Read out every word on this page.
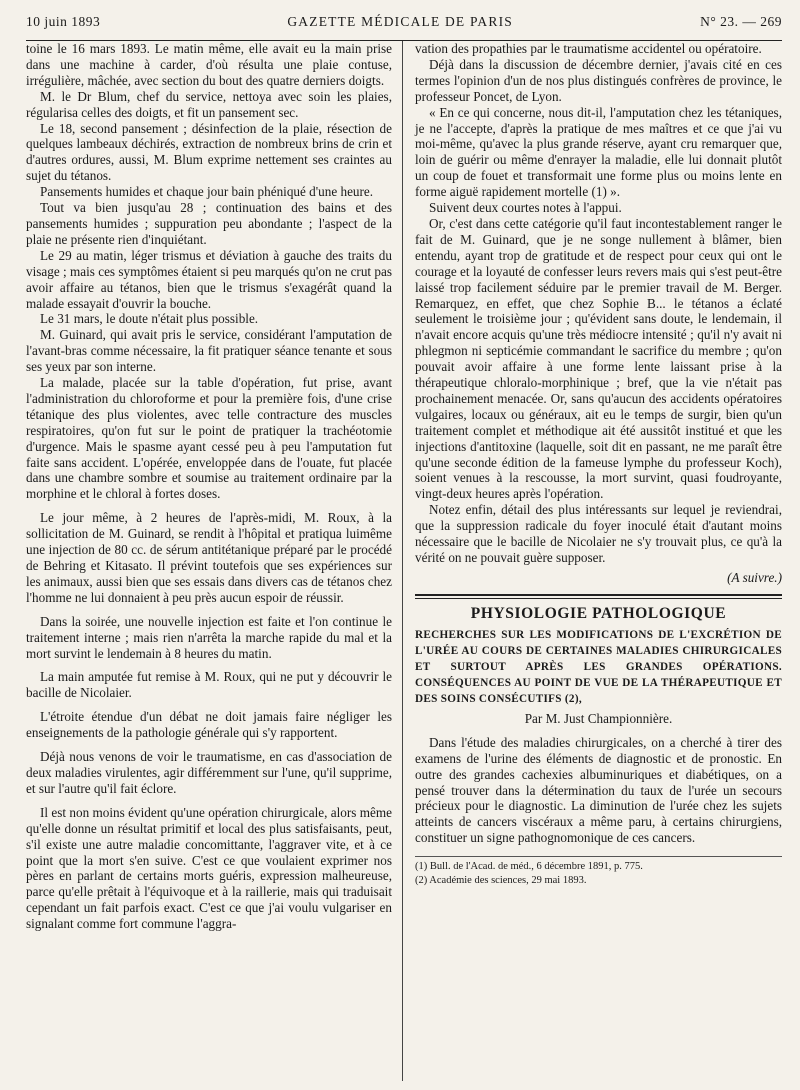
10 juin 1893	GAZETTE MÉDICALE DE PARIS	N° 23. — 269

toine le 16 mars 1893. Le matin même, elle avait eu la main prise dans une machine à carder, d'où résulta une plaie contuse, irrégulière, mâchée, avec section du bout des quatre derniers doigts.

M. le Dr Blum, chef du service, nettoya avec soin les plaies, régularisa celles des doigts, et fit un pansement sec.

Le 18, second pansement ; désinfection de la plaie, résection de quelques lambeaux déchirés, extraction de nombreux brins de crin et d'autres ordures, aussi, M. Blum exprime nettement ses craintes au sujet du tétanos.

Pansements humides et chaque jour bain phéniqué d'une heure.

Tout va bien jusqu'au 28 ; continuation des bains et des pansements humides ; suppuration peu abondante ; l'aspect de la plaie ne présente rien d'inquiétant.

Le 29 au matin, léger trismus et déviation à gauche des traits du visage ; mais ces symptômes étaient si peu marqués qu'on ne crut pas avoir affaire au tétanos, bien que le trismus s'exagérât quand la malade essayait d'ouvrir la bouche.

Le 31 mars, le doute n'était plus possible.

M. Guinard, qui avait pris le service, considérant l'amputation de l'avant-bras comme nécessaire, la fit pratiquer séance tenante et sous ses yeux par son interne.

La malade, placée sur la table d'opération, fut prise, avant l'administration du chloroforme et pour la première fois, d'une crise tétanique des plus violentes, avec telle contracture des muscles respiratoires, qu'on fut sur le point de pratiquer la trachéotomie d'urgence. Mais le spasme ayant cessé peu à peu l'amputation fut faite sans accident. L'opérée, enveloppée dans de l'ouate, fut placée dans une chambre sombre et soumise au traitement ordinaire par la morphine et le chloral à fortes doses.

Le jour même, à 2 heures de l'après-midi, M. Roux, à la sollicitation de M. Guinard, se rendit à l'hôpital et pratiqua luimême une injection de 80 cc. de sérum antitétanique préparé par le procédé de Behring et Kitasato. Il prévint toutefois que ses expériences sur les animaux, aussi bien que ses essais dans divers cas de tétanos chez l'homme ne lui donnaient à peu près aucun espoir de réussir.

Dans la soirée, une nouvelle injection est faite et l'on continue le traitement interne ; mais rien n'arrêta la marche rapide du mal et la mort survint le lendemain à 8 heures du matin.

La main amputée fut remise à M. Roux, qui ne put y découvrir le bacille de Nicolaier.

L'étroite étendue d'un débat ne doit jamais faire négliger les enseignements de la pathologie générale qui s'y rapportent.

Déjà nous venons de voir le traumatisme, en cas d'association de deux maladies virulentes, agir différemment sur l'une, qu'il supprime, et sur l'autre qu'il fait éclore.

Il est non moins évident qu'une opération chirurgicale, alors même qu'elle donne un résultat primitif et local des plus satisfaisants, peut, s'il existe une autre maladie concomittante, l'aggraver vite, et à ce point que la mort s'en suive. C'est ce que voulaient exprimer nos pères en parlant de certains morts guéris, expression malheureuse, parce qu'elle prêtait à l'équivoque et à la raillerie, mais qui traduisait cependant un fait parfois exact. C'est ce que j'ai voulu vulgariser en signalant comme fort commune l'aggra-

vation des propathies par le traumatisme accidentel ou opératoire.

Déjà dans la discussion de décembre dernier, j'avais cité en ces termes l'opinion d'un de nos plus distingués confrères de province, le professeur Poncet, de Lyon.

« En ce qui concerne, nous dit-il, l'amputation chez les tétaniques, je ne l'accepte, d'après la pratique de mes maîtres et ce que j'ai vu moi-même, qu'avec la plus grande réserve, ayant cru remarquer que, loin de guérir ou même d'enrayer la maladie, elle lui donnait plutôt un coup de fouet et transformait une forme plus ou moins lente en forme aiguë rapidement mortelle (1) ».

Suivent deux courtes notes à l'appui.

Or, c'est dans cette catégorie qu'il faut incontestablement ranger le fait de M. Guinard, que je ne songe nullement à blâmer, bien entendu, ayant trop de gratitude et de respect pour ceux qui ont le courage et la loyauté de confesser leurs revers mais qui s'est peut-être laissé trop facilement séduire par le premier travail de M. Berger. Remarquez, en effet, que chez Sophie B... le tétanos a éclaté seulement le troisième jour ; qu'évident sans doute, le lendemain, il n'avait encore acquis qu'une très médiocre intensité ; qu'il n'y avait ni phlegmon ni septicémie commandant le sacrifice du membre ; qu'on pouvait avoir affaire à une forme lente laissant prise à la thérapeutique chloralo-morphinique ; bref, que la vie n'était pas prochainement menacée. Or, sans qu'aucun des accidents opératoires vulgaires, locaux ou généraux, ait eu le temps de surgir, bien qu'un traitement complet et méthodique ait été aussitôt institué et que les injections d'antitoxine (laquelle, soit dit en passant, ne me paraît être qu'une seconde édition de la fameuse lymphe du professeur Koch), soient venues à la rescousse, la mort survint, quasi foudroyante, vingt-deux heures après l'opération.

Notez enfin, détail des plus intéressants sur lequel je reviendrai, que la suppression radicale du foyer inoculé était d'autant moins nécessaire que le bacille de Nicolaier ne s'y trouvait plus, ce qu'à la vérité on ne pouvait guère supposer.

(A suivre.)

PHYSIOLOGIE PATHOLOGIQUE
RECHERCHES SUR LES MODIFICATIONS DE L'EXCRÉTION DE L'URÉE AU COURS DE CERTAINES MALADIES CHIRURGICALES ET SURTOUT APRÈS LES GRANDES OPÉRATIONS. CONSÉQUENCES AU POINT DE VUE DE LA THÉRAPEUTIQUE ET DES SOINS CONSÉCUTIFS (2),
Par M. Just Championnière.

Dans l'étude des maladies chirurgicales, on a cherché à tirer des examens de l'urine des éléments de diagnostic et de pronostic. En outre des grandes cachexies albuminuriques et diabétiques, on a pensé trouver dans la détermination du taux de l'urée un secours précieux pour le diagnostic. La diminution de l'urée chez les sujets atteints de cancers viscéraux a même paru, à certains chirurgiens, constituer un signe pathognomonique de ces cancers.

(1) Bull. de l'Acad. de méd., 6 décembre 1891, p. 775.
(2) Académie des sciences, 29 mai 1893.
